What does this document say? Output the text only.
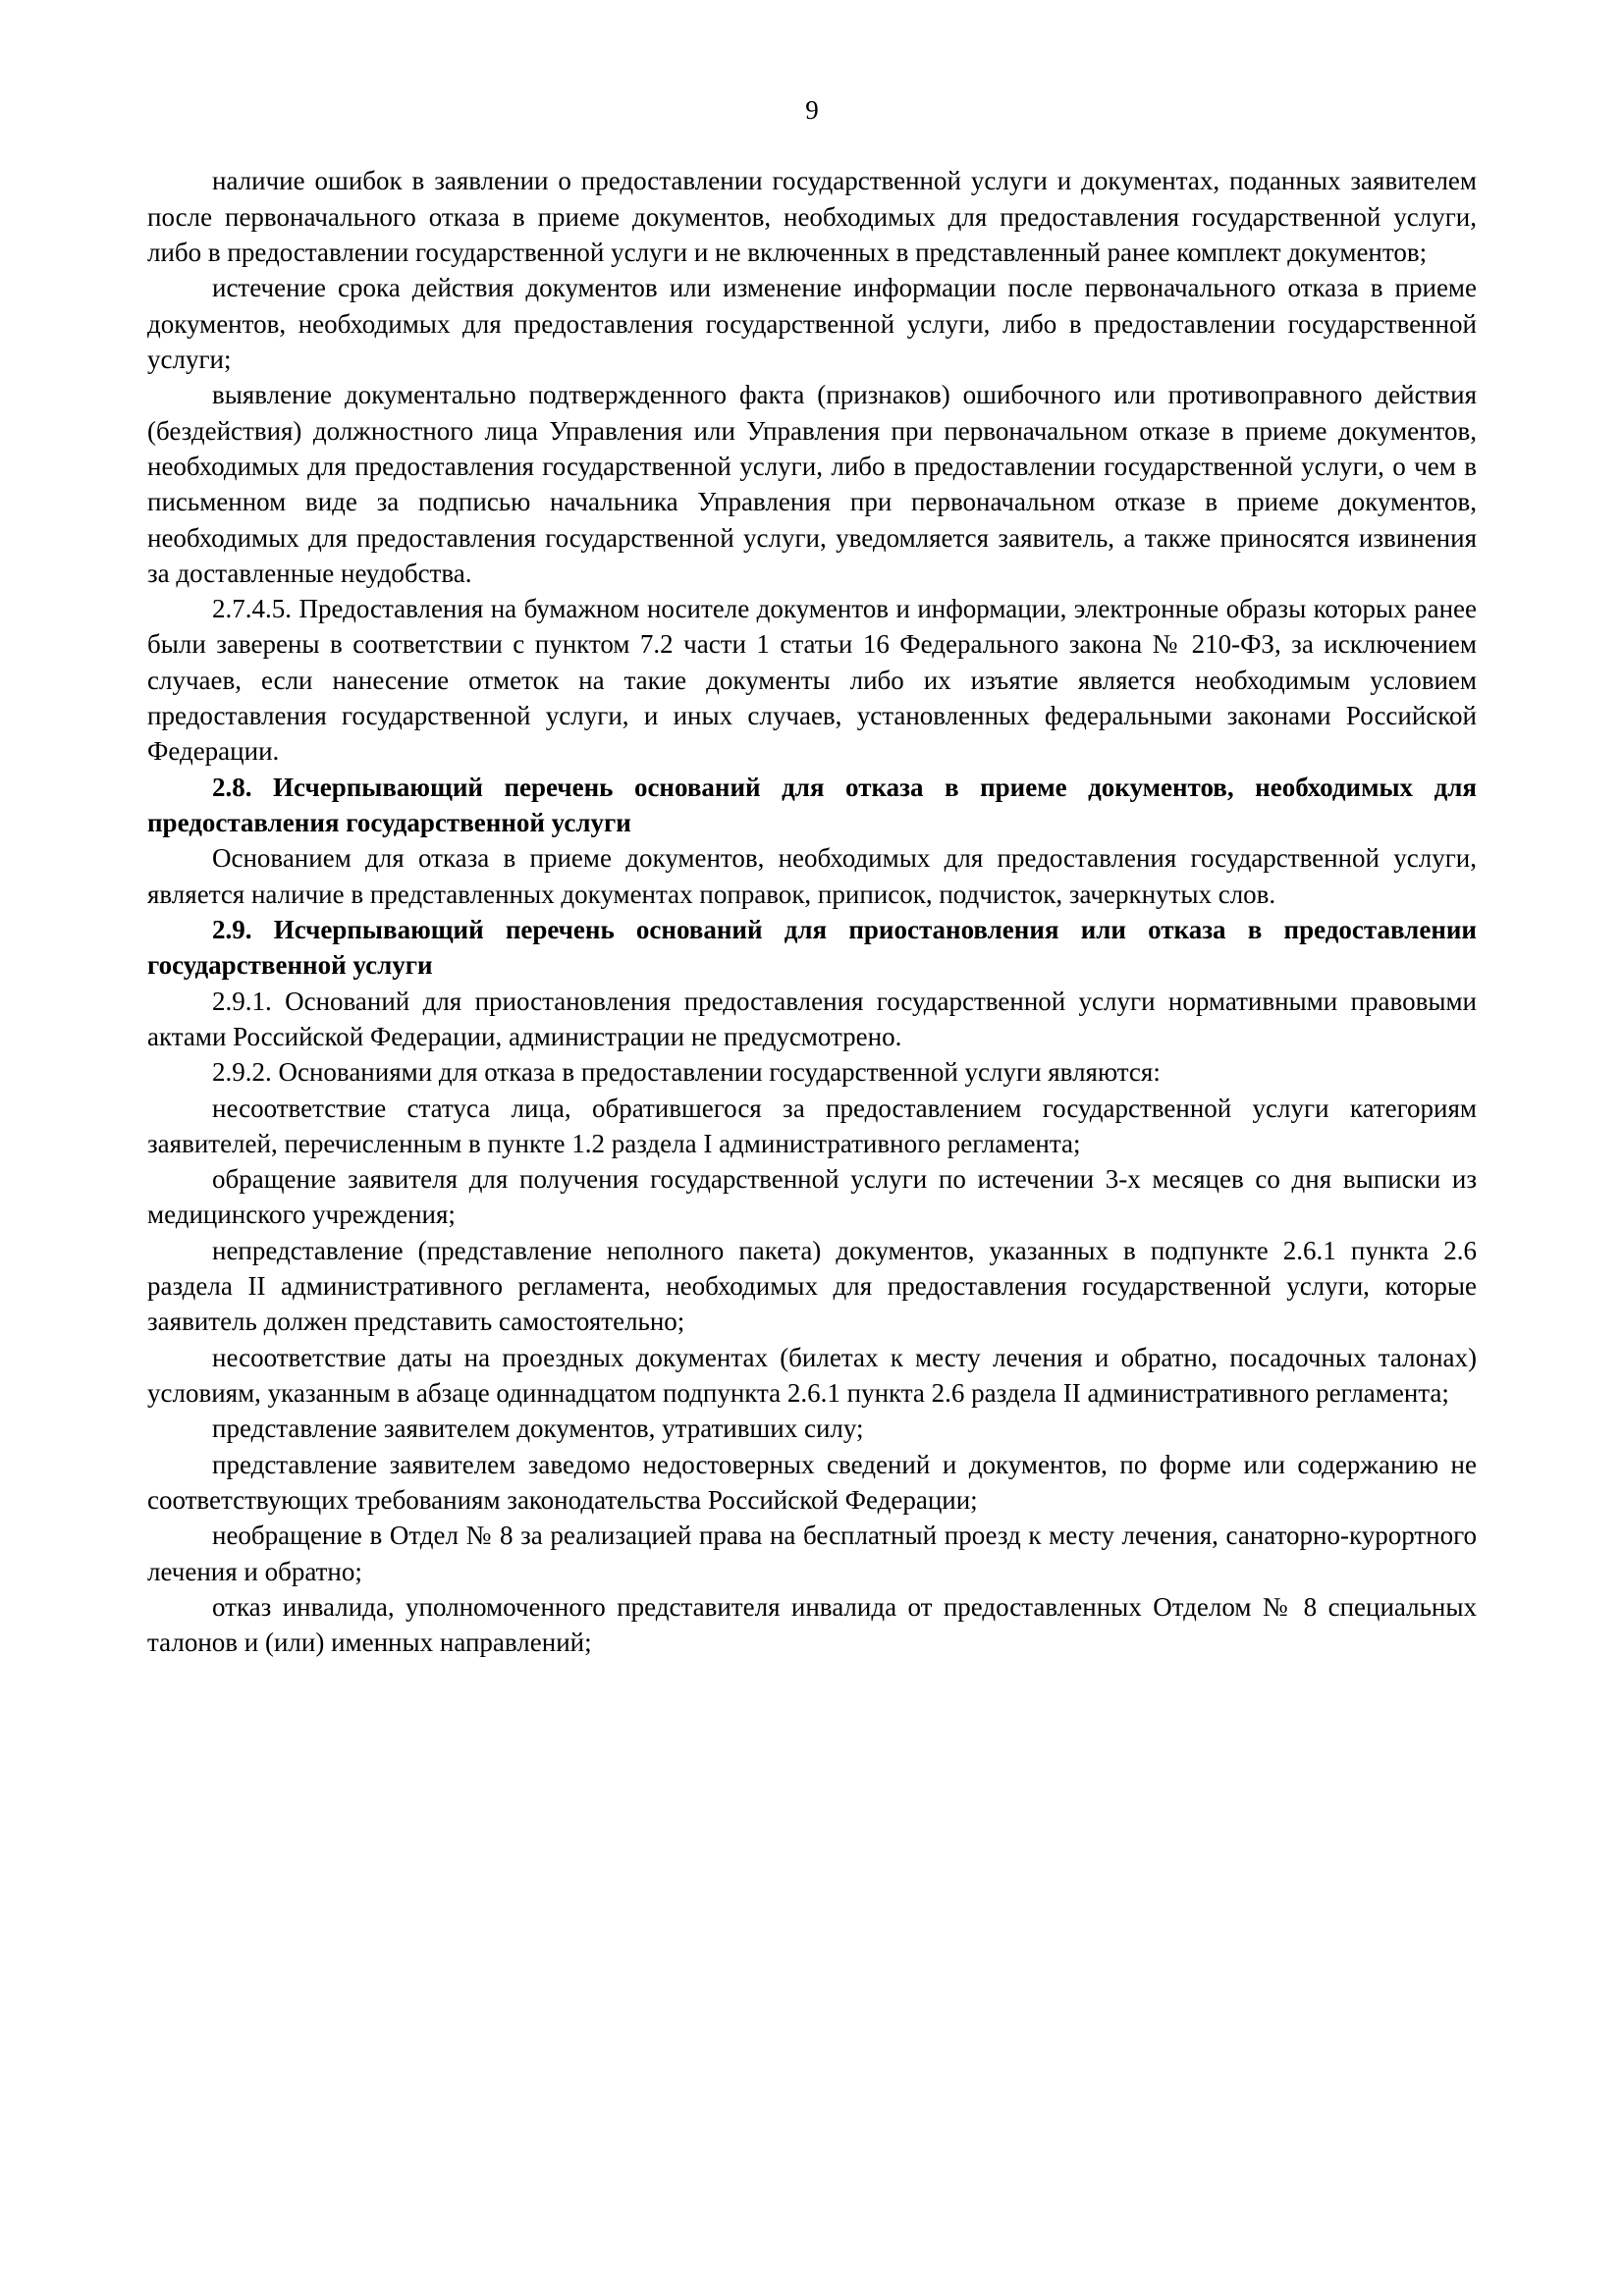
9

наличие ошибок в заявлении о предоставлении государственной услуги и документах, поданных заявителем после первоначального отказа в приеме документов, необходимых для предоставления государственной услуги, либо в предоставлении государственной услуги и не включенных в представленный ранее комплект документов;

истечение срока действия документов или изменение информации после первоначального отказа в приеме документов, необходимых для предоставления государственной услуги, либо в предоставлении государственной услуги;

выявление документально подтвержденного факта (признаков) ошибочного или противоправного действия (бездействия) должностного лица Управления или Управления при первоначальном отказе в приеме документов, необходимых для предоставления государственной услуги, либо в предоставлении государственной услуги, о чем в письменном виде за подписью начальника Управления при первоначальном отказе в приеме документов, необходимых для предоставления государственной услуги, уведомляется заявитель, а также приносятся извинения за доставленные неудобства.

2.7.4.5. Предоставления на бумажном носителе документов и информации, электронные образы которых ранее были заверены в соответствии с пунктом 7.2 части 1 статьи 16 Федерального закона № 210-ФЗ, за исключением случаев, если нанесение отметок на такие документы либо их изъятие является необходимым условием предоставления государственной услуги, и иных случаев, установленных федеральными законами Российской Федерации.

2.8. Исчерпывающий перечень оснований для отказа в приеме документов, необходимых для предоставления государственной услуги

Основанием для отказа в приеме документов, необходимых для предоставления государственной услуги, является наличие в представленных документах поправок, приписок, подчисток, зачеркнутых слов.

2.9. Исчерпывающий перечень оснований для приостановления или отказа в предоставлении государственной услуги

2.9.1. Оснований для приостановления предоставления государственной услуги нормативными правовыми актами Российской Федерации, администрации не предусмотрено.

2.9.2. Основаниями для отказа в предоставлении государственной услуги являются:

несоответствие статуса лица, обратившегося за предоставлением государственной услуги категориям заявителей, перечисленным в пункте 1.2 раздела I административного регламента;

обращение заявителя для получения государственной услуги по истечении 3-х месяцев со дня выписки из медицинского учреждения;

непредставление (представление неполного пакета) документов, указанных в подпункте 2.6.1 пункта 2.6 раздела II административного регламента, необходимых для предоставления государственной услуги, которые заявитель должен представить самостоятельно;

несоответствие даты на проездных документах (билетах к месту лечения и обратно, посадочных талонах) условиям, указанным в абзаце одиннадцатом подпункта 2.6.1 пункта 2.6 раздела II административного регламента;

представление заявителем документов, утративших силу;

представление заявителем заведомо недостоверных сведений и документов, по форме или содержанию не соответствующих требованиям законодательства Российской Федерации;

необращение в Отдел № 8 за реализацией права на бесплатный проезд к месту лечения, санаторно-курортного лечения и обратно;

отказ инвалида, уполномоченного представителя инвалида от предоставленных Отделом № 8 специальных талонов и (или) именных направлений;
